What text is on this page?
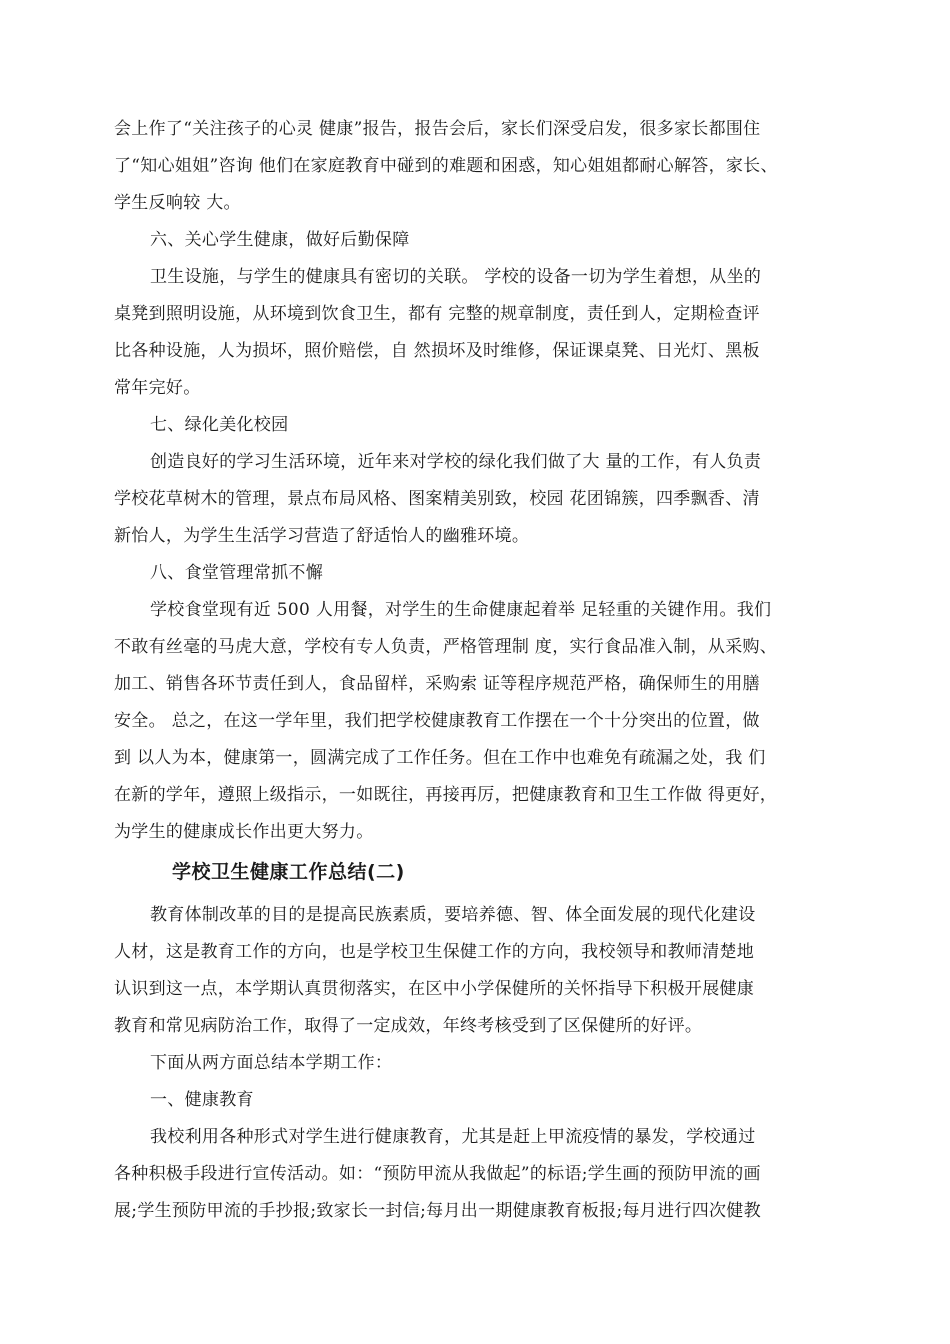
会上作了“关注孩子的心灵 健康”报告，报告会后，家长们深受启发，很多家长都围住
了“知心姐姐”咨询 他们在家庭教育中碰到的难题和困惑，知心姐姐都耐心解答，家长、
学生反响较 大。
六、关心学生健康，做好后勤保障
卫生设施，与学生的健康具有密切的关联。 学校的设备一切为学生着想，从坐的
桌凳到照明设施，从环境到饮食卫生，都有 完整的规章制度，责任到人，定期检查评
比各种设施，人为损坏，照价赔偿，自 然损坏及时维修，保证课桌凳、日光灯、黑板
常年完好。
七、绿化美化校园
创造良好的学习生活环境，近年来对学校的绿化我们做了大 量的工作，有人负责
学校花草树木的管理，景点布局风格、图案精美别致，校园 花团锦簇，四季飘香、清
新怡人，为学生生活学习营造了舒适怡人的幽雅环境。
八、食堂管理常抓不懈
学校食堂现有近 500 人用餐，对学生的生命健康起着举 足轻重的关键作用。我们
不敢有丝毫的马虎大意，学校有专人负责，严格管理制 度，实行食品准入制，从采购、
加工、销售各环节责任到人，食品留样，采购索 证等程序规范严格，确保师生的用膳
安全。 总之，在这一学年里，我们把学校健康教育工作摆在一个十分突出的位置，做
到 以人为本，健康第一，圆满完成了工作任务。但在工作中也难免有疏漏之处，我 们
在新的学年，遵照上级指示，一如既往，再接再厉，把健康教育和卫生工作做 得更好，
为学生的健康成长作出更大努力。
学校卫生健康工作总结(二)
教育体制改革的目的是提高民族素质，要培养德、智、体全面发展的现代化建设
人材，这是教育工作的方向，也是学校卫生保健工作的方向，我校领导和教师清楚地
认识到这一点，本学期认真贯彻落实，在区中小学保健所的关怀指导下积极开展健康
教育和常见病防治工作，取得了一定成效，年终考核受到了区保健所的好评。
下面从两方面总结本学期工作：
一、健康教育
我校利用各种形式对学生进行健康教育，尤其是赶上甲流疫情的暴发，学校通过
各种积极手段进行宣传活动。如：“预防甲流从我做起”的标语;学生画的预防甲流的画
展;学生预防甲流的手抄报;致家长一封信;每月出一期健康教育板报;每月进行四次健教
